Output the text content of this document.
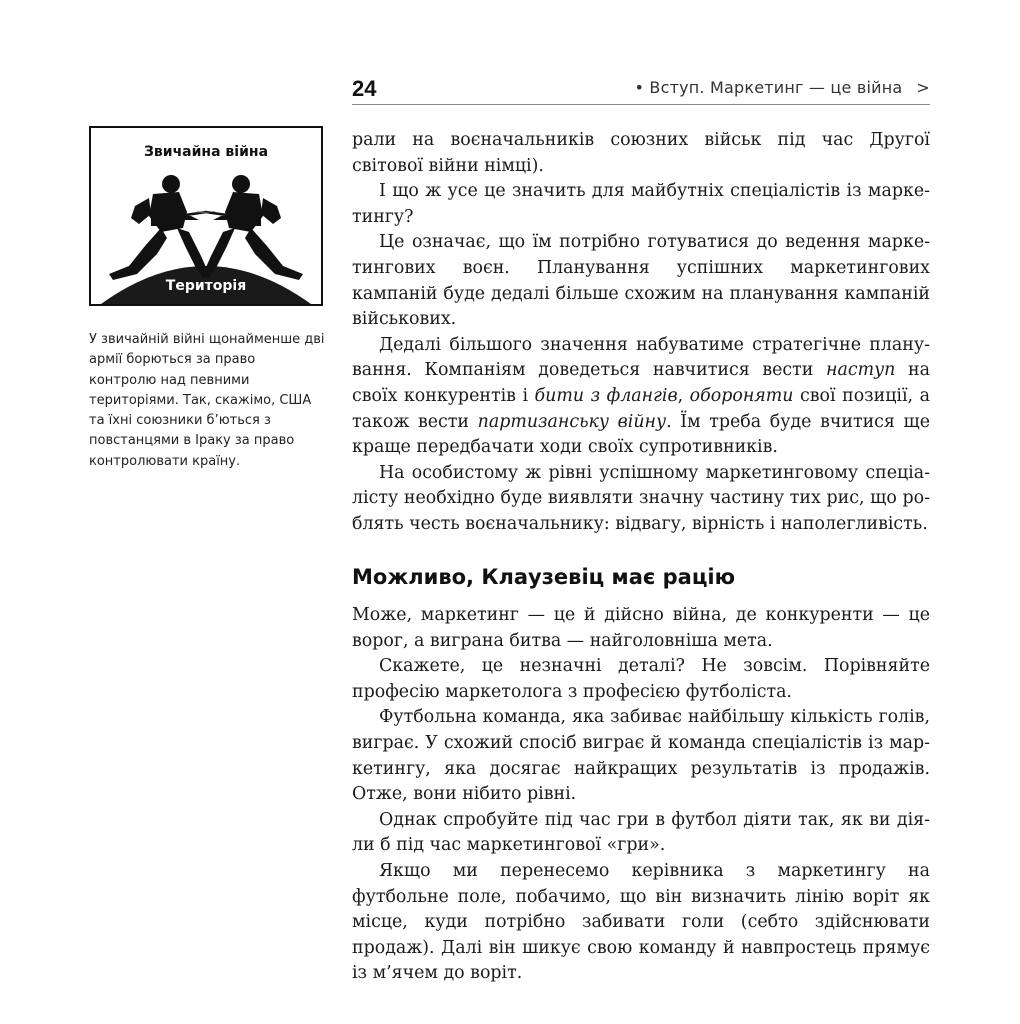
24	• Вступ. Маркетинг — це війна >
Звичайна війна
Територія
У звичайній війні щонайменше дві армії борються за право контролю над певними територіями. Так, скажімо, США та їхні союзники б’ються з повстанцями в Іраку за право контролювати країну.

рали на воєначальників союзних військ під час Другої світової війни німці).

І що ж усе це значить для майбутніх спеціалістів із маркетингу?

Це означає, що їм потрібно готуватися до ведення маркетингових воєн. Планування успішних маркетингових кампаній буде дедалі більше схожим на планування кампаній військових.

Дедалі більшого значення набуватиме стратегічне планування. Компаніям доведеться навчитися вести наступ на своїх конкурентів і бити з флангів, обороняти свої позиції, а також вести партизанську війну. Їм треба буде вчитися ще краще передбачати ходи своїх супротивників.

На особистому ж рівні успішному маркетинговому спеціалісту необхідно буде виявляти значну частину тих рис, що роблять честь воєначальнику: відвагу, вірність і наполегливість.

Можливо, Клаузевіц має рацію

Може, маркетинг — це й дійсно війна, де конкуренти — це ворог, а виграна битва — найголовніша мета.

Скажете, це незначні деталі? Не зовсім. Порівняйте професію маркетолога з професією футболіста.

Футбольна команда, яка забиває найбільшу кількість голів, виграє. У схожий спосіб виграє й команда спеціалістів із маркетингу, яка досягає найкращих результатів із продажів. Отже, вони нібито рівні.

Однак спробуйте під час гри в футбол діяти так, як ви діяли б під час маркетингової «гри».

Якщо ми перенесемо керівника з маркетингу на футбольне поле, побачимо, що він визначить лінію воріт як місце, куди потрібно забивати голи (себто здійснювати продаж). Далі він шикує свою команду й навпростець прямує із м’ячем до воріт.
